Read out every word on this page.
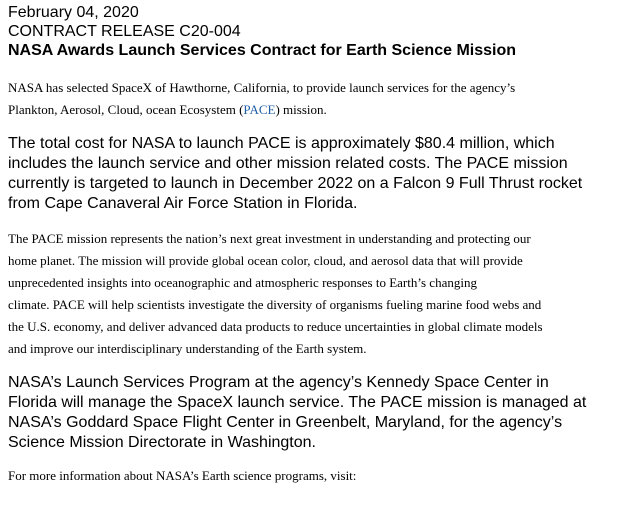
February 04, 2020

CONTRACT RELEASE C20-004

NASA Awards Launch Services Contract for Earth Science Mission

NASA has selected SpaceX of Hawthorne, California, to provide launch services for the agency’s
Plankton, Aerosol, Cloud, ocean Ecosystem (PACE) mission.

The total cost for NASA to launch PACE is approximately $80.4 million, which
includes the launch service and other mission related costs. The PACE mission
currently is targeted to launch in December 2022 on a Falcon 9 Full Thrust rocket
from Cape Canaveral Air Force Station in Florida.

The PACE mission represents the nation’s next great investment in understanding and protecting our
home planet. The mission will provide global ocean color, cloud, and aerosol data that will provide
unprecedented insights into oceanographic and atmospheric responses to Earth’s changing
climate. PACE will help scientists investigate the diversity of organisms fueling marine food webs and
the U.S. economy, and deliver advanced data products to reduce uncertainties in global climate models
and improve our interdisciplinary understanding of the Earth system.

NASA’s Launch Services Program at the agency’s Kennedy Space Center in
Florida will manage the SpaceX launch service. The PACE mission is managed at
NASA’s Goddard Space Flight Center in Greenbelt, Maryland, for the agency’s
Science Mission Directorate in Washington.

For more information about NASA’s Earth science programs, visit:
